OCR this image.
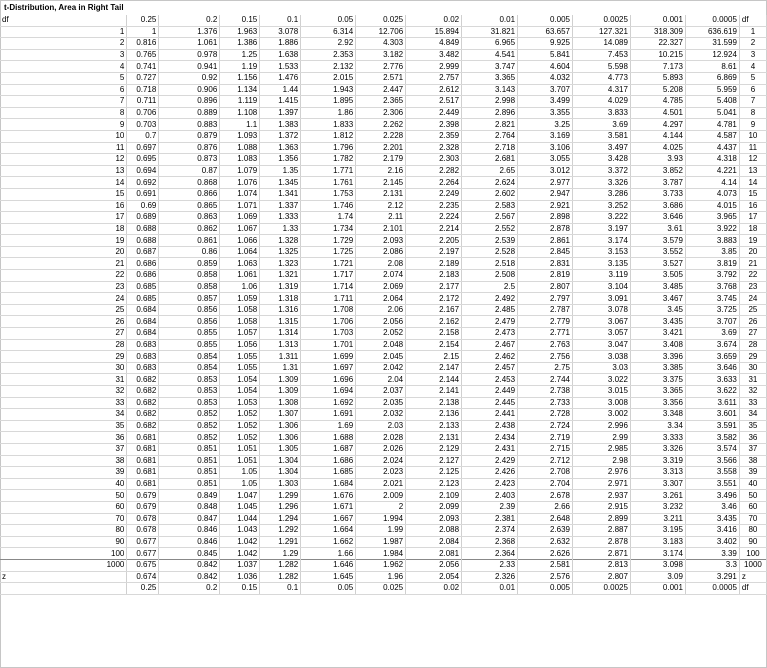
t-Distribution, Area in Right Tail
df	0.25	0.2	0.15	0.1	0.05	0.025	0.02	0.01	0.005	0.0025	0.001	0.0005	df
1	1	1.376	1.963	3.078	6.314	12.706	15.894	31.821	63.657	127.321	318.309	636.619	1
2	0.816	1.061	1.386	1.886	2.92	4.303	4.849	6.965	9.925	14.089	22.327	31.599	2
3	0.765	0.978	1.25	1.638	2.353	3.182	3.482	4.541	5.841	7.453	10.215	12.924	3
4	0.741	0.941	1.19	1.533	2.132	2.776	2.999	3.747	4.604	5.598	7.173	8.61	4
5	0.727	0.92	1.156	1.476	2.015	2.571	2.757	3.365	4.032	4.773	5.893	6.869	5
6	0.718	0.906	1.134	1.44	1.943	2.447	2.612	3.143	3.707	4.317	5.208	5.959	6
7	0.711	0.896	1.119	1.415	1.895	2.365	2.517	2.998	3.499	4.029	4.785	5.408	7
8	0.706	0.889	1.108	1.397	1.86	2.306	2.449	2.896	3.355	3.833	4.501	5.041	8
9	0.703	0.883	1.1	1.383	1.833	2.262	2.398	2.821	3.25	3.69	4.297	4.781	9
10	0.7	0.879	1.093	1.372	1.812	2.228	2.359	2.764	3.169	3.581	4.144	4.587	10
11	0.697	0.876	1.088	1.363	1.796	2.201	2.328	2.718	3.106	3.497	4.025	4.437	11
12	0.695	0.873	1.083	1.356	1.782	2.179	2.303	2.681	3.055	3.428	3.93	4.318	12
13	0.694	0.87	1.079	1.35	1.771	2.16	2.282	2.65	3.012	3.372	3.852	4.221	13
14	0.692	0.868	1.076	1.345	1.761	2.145	2.264	2.624	2.977	3.326	3.787	4.14	14
15	0.691	0.866	1.074	1.341	1.753	2.131	2.249	2.602	2.947	3.286	3.733	4.073	15
16	0.69	0.865	1.071	1.337	1.746	2.12	2.235	2.583	2.921	3.252	3.686	4.015	16
17	0.689	0.863	1.069	1.333	1.74	2.11	2.224	2.567	2.898	3.222	3.646	3.965	17
18	0.688	0.862	1.067	1.33	1.734	2.101	2.214	2.552	2.878	3.197	3.61	3.922	18
19	0.688	0.861	1.066	1.328	1.729	2.093	2.205	2.539	2.861	3.174	3.579	3.883	19
20	0.687	0.86	1.064	1.325	1.725	2.086	2.197	2.528	2.845	3.153	3.552	3.85	20
21	0.686	0.859	1.063	1.323	1.721	2.08	2.189	2.518	2.831	3.135	3.527	3.819	21
22	0.686	0.858	1.061	1.321	1.717	2.074	2.183	2.508	2.819	3.119	3.505	3.792	22
23	0.685	0.858	1.06	1.319	1.714	2.069	2.177	2.5	2.807	3.104	3.485	3.768	23
24	0.685	0.857	1.059	1.318	1.711	2.064	2.172	2.492	2.797	3.091	3.467	3.745	24
25	0.684	0.856	1.058	1.316	1.708	2.06	2.167	2.485	2.787	3.078	3.45	3.725	25
26	0.684	0.856	1.058	1.315	1.706	2.056	2.162	2.479	2.779	3.067	3.435	3.707	26
27	0.684	0.855	1.057	1.314	1.703	2.052	2.158	2.473	2.771	3.057	3.421	3.69	27
28	0.683	0.855	1.056	1.313	1.701	2.048	2.154	2.467	2.763	3.047	3.408	3.674	28
29	0.683	0.854	1.055	1.311	1.699	2.045	2.15	2.462	2.756	3.038	3.396	3.659	29
30	0.683	0.854	1.055	1.31	1.697	2.042	2.147	2.457	2.75	3.03	3.385	3.646	30
31	0.682	0.853	1.054	1.309	1.696	2.04	2.144	2.453	2.744	3.022	3.375	3.633	31
32	0.682	0.853	1.054	1.309	1.694	2.037	2.141	2.449	2.738	3.015	3.365	3.622	32
33	0.682	0.853	1.053	1.308	1.692	2.035	2.138	2.445	2.733	3.008	3.356	3.611	33
34	0.682	0.852	1.052	1.307	1.691	2.032	2.136	2.441	2.728	3.002	3.348	3.601	34
35	0.682	0.852	1.052	1.306	1.69	2.03	2.133	2.438	2.724	2.996	3.34	3.591	35
36	0.681	0.852	1.052	1.306	1.688	2.028	2.131	2.434	2.719	2.99	3.333	3.582	36
37	0.681	0.851	1.051	1.305	1.687	2.026	2.129	2.431	2.715	2.985	3.326	3.574	37
38	0.681	0.851	1.051	1.304	1.686	2.024	2.127	2.429	2.712	2.98	3.319	3.566	38
39	0.681	0.851	1.05	1.304	1.685	2.023	2.125	2.426	2.708	2.976	3.313	3.558	39
40	0.681	0.851	1.05	1.303	1.684	2.021	2.123	2.423	2.704	2.971	3.307	3.551	40
50	0.679	0.849	1.047	1.299	1.676	2.009	2.109	2.403	2.678	2.937	3.261	3.496	50
60	0.679	0.848	1.045	1.296	1.671	2	2.099	2.39	2.66	2.915	3.232	3.46	60
70	0.678	0.847	1.044	1.294	1.667	1.994	2.093	2.381	2.648	2.899	3.211	3.435	70
80	0.678	0.846	1.043	1.292	1.664	1.99	2.088	2.374	2.639	2.887	3.195	3.416	80
90	0.677	0.846	1.042	1.291	1.662	1.987	2.084	2.368	2.632	2.878	3.183	3.402	90
100	0.677	0.845	1.042	1.29	1.66	1.984	2.081	2.364	2.626	2.871	3.174	3.39	100
1000	0.675	0.842	1.037	1.282	1.646	1.962	2.056	2.33	2.581	2.813	3.098	3.3	1000
z	0.674	0.842	1.036	1.282	1.645	1.96	2.054	2.326	2.576	2.807	3.09	3.291	z
	0.25	0.2	0.15	0.1	0.05	0.025	0.02	0.01	0.005	0.0025	0.001	0.0005	df
